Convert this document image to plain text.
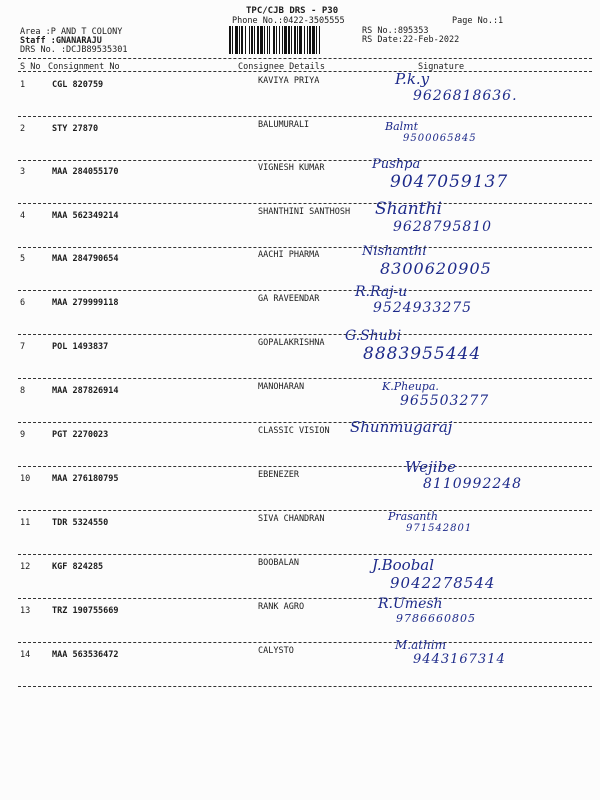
TPC/CJB DRS - P30
Phone No.:0422-3505555	Page No.:1
Area :P AND T COLONY
Staff :GNANARAJU
DRS No. :DCJB89535301
RS No.:895353
RS Date:22-Feb-2022
S No Consignment No	Consignee Details	Signature
1	CGL 820759	KAVIYA PRIYA	P.k.y
9626818636.
2	STY 27870	BALUMURALI	Balmt
9500065845
3	MAA 284055170	VIGNESH KUMAR	Pushpa
9047059137
4	MAA 562349214	SHANTHINI SANTHOSH Shanthi
9628795810
5	MAA 284790654	AACHI PHARMA	Nishanthi
8300620905
6	MAA 279999118	GA RAVEENDAR	R.Raj-u
9524933275
7	POL 1493837	GOPALAKRISHNA G.Shubi
8883955444
8	MAA 287826914	MANOHARAN	K.Pheupa.
965503277
9	PGT 2270023	CLASSIC VISION Shunmugaraj
10	MAA 276180795	EBENEZER	Wejibe
8110992248
11	TDR 5324550	SIVA CHANDRAN	Prasanth
971542801
12	KGF 824285	BOOBALAN	J.Boobal
9042278544
13	TRZ 190755669	RANK AGRO	R.Umesh
9786660805
14	MAA 563536472	CALYSTO	M.athim
9443167314
